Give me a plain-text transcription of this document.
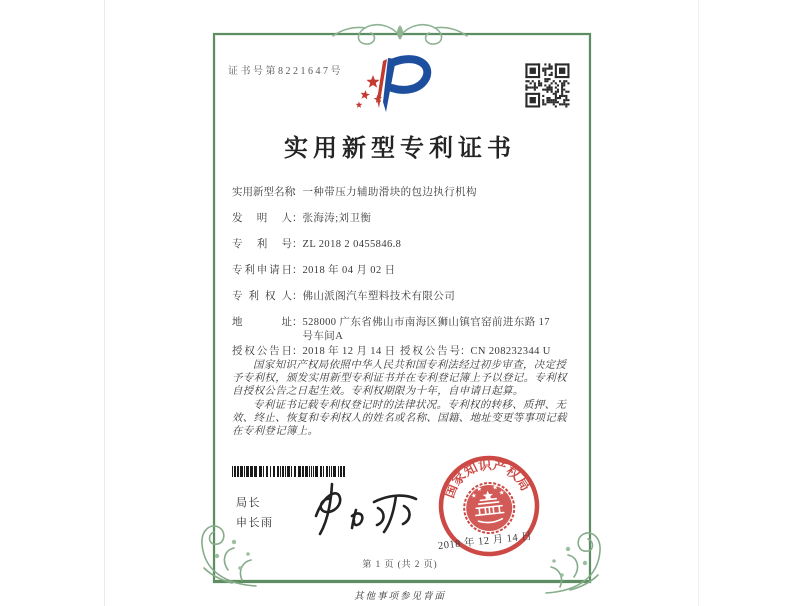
证书号第8221647号
实用新型专利证书
实用新型名称：一种带压力辅助滑块的包边执行机构
发明人：张海涛;刘卫衡
专利号：ZL 2018 2 0455846.8
专利申请日：2018 年 04 月 02 日
专利权人：佛山派阁汽车塑料技术有限公司
地址：528000 广东省佛山市南海区狮山镇官窑前进东路 17 号车间A
授权公告日：2018 年 12 月 14 日 授权公告号：CN 208232344 U

国家知识产权局依照中华人民共和国专利法经过初步审查，决定授予专利权，颁发实用新型专利证书并在专利登记簿上予以登记。专利权自授权公告之日起生效。专利权期限为十年，自申请日起算。

专利证书记载专利权登记时的法律状况。专利权的转移、质押、无效、终止、恢复和专利权人的姓名或名称、国籍、地址变更等事项记载在专利登记簿上。

局长
申长雨
国家知识产权局
2018 年 12 月 14 日
第 1 页 (共 2 页)
其他事项参见背面
